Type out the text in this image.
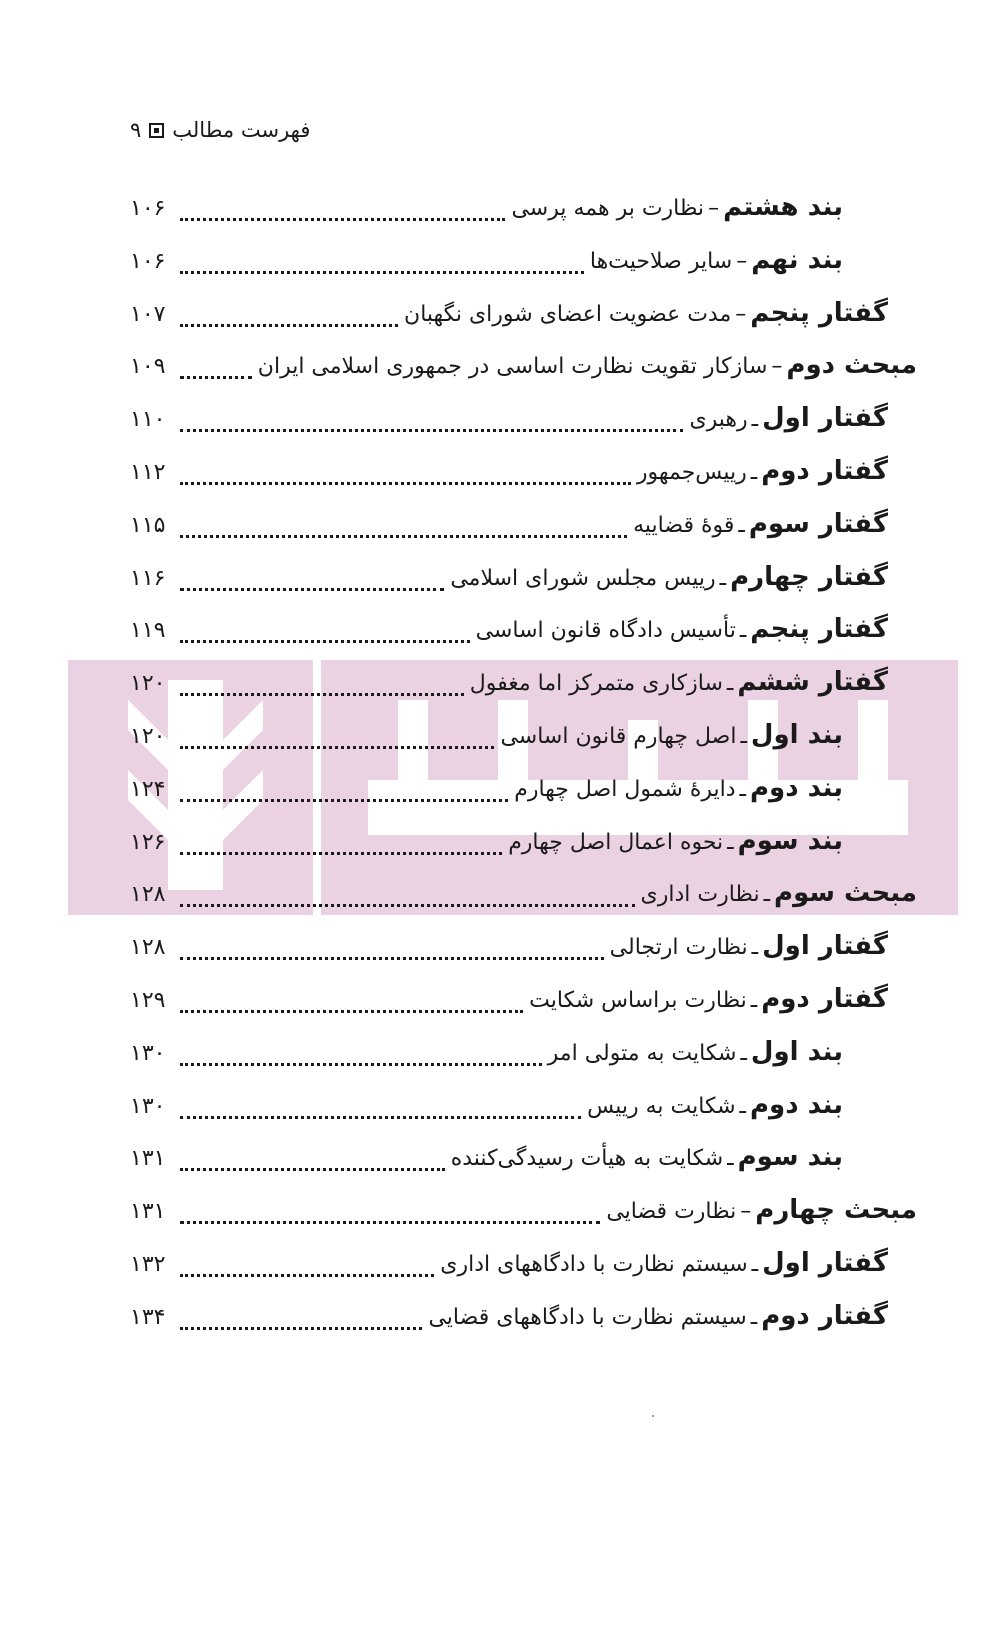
فهرست مطالب
۹
بند هشتم
–
نظارت بر همه پرسی
۱۰۶
بند نهم
–
سایر صلاحیت‌ها
۱۰۶
گفتار پنجم
–
مدت عضویت اعضای شورای نگهبان
۱۰۷
مبحث دوم
–
سازکار تقویت نظارت اساسی در جمهوری اسلامی ایران
۱۰۹
گفتار اول
ـ
رهبری
۱۱۰
گفتار دوم
ـ
رییس‌جمهور
۱۱۲
گفتار سوم
ـ
قوهٔ قضاییه
۱۱۵
گفتار چهارم
ـ
رییس مجلس شورای اسلامی
۱۱۶
گفتار پنجم
ـ
تأسیس دادگاه قانون اساسی
۱۱۹
گفتار ششم
ـ
سازکاری متمرکز اما مغفول
۱۲۰
بند اول
ـ
اصل چهارم قانون اساسی
۱۲۰
بند دوم
ـ
دایرهٔ شمول اصل چهارم
۱۲۴
بند سوم
ـ
نحوه اعمال اصل چهارم
۱۲۶
مبحث سوم
ـ
نظارت اداری
۱۲۸
گفتار اول
ـ
نظارت ارتجالی
۱۲۸
گفتار دوم
ـ
نظارت براساس شکایت
۱۲۹
بند اول
ـ
شکایت به متولی امر
۱۳۰
بند دوم
ـ
شکایت به رییس
۱۳۰
بند سوم
ـ
شکایت به هیأت رسیدگی‌کننده
۱۳۱
مبحث چهارم
–
نظارت قضایی
۱۳۱
گفتار اول
ـ
سیستم نظارت با دادگاههای اداری
۱۳۲
گفتار دوم
ـ
سیستم نظارت با دادگاههای قضایی
۱۳۴
